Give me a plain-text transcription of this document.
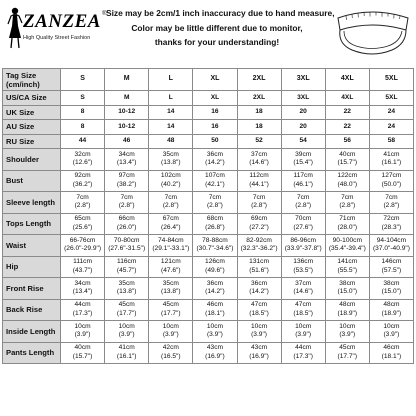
ZANZEA ®
High Quality Street Fashion
Size may be 2cm/1 inch inaccuracy due to hand measure,
Color may be little different due to monitor,
thanks for your understanding!
Tag Size
(cm/inch)	S	M	L	XL	2XL	3XL	4XL	5XL
US/CA Size	S	M	L	XL	2XL	3XL	4XL	5XL
UK Size	8	10-12	14	16	18	20	22	24
AU Size	8	10-12	14	16	18	20	22	24
RU Size	44	46	48	50	52	54	56	58
Shoulder	32cm
(12.6")	34cm
(13.4")	35cm
(13.8")	36cm
(14.2")	37cm
(14.6")	39cm
(15.4")	40cm
(15.7")	41cm
(16.1")

Bust	92cm
(36.2")	97cm
(38.2")	102cm
(40.2")	107cm
(42.1")	112cm
(44.1")	117cm
(46.1")	122cm
(48.0")	127cm
(50.0")

Sleeve length	7cm
(2.8")	7cm
(2.8")	7cm
(2.8")	7cm
(2.8")	7cm
(2.8")	7cm
(2.8")	7cm
(2.8")	7cm
(2.8")

Tops Length	65cm
(25.6")	66cm
(26.0")	67cm
(26.4")	68cm
(26.8")	69cm
(27.2")	70cm
(27.6")	71cm
(28.0")	72cm
(28.3")

Waist	66-76cm
(26.0"-29.9")	70-80cm
(27.6"-31.5")	74-84cm
(29.1"-33.1")	78-88cm
(30.7"-34.6")	82-92cm
(32.3"-36.2")	86-96cm
(33.9"-37.8")	90-100cm
(35.4"-39.4")	94-104cm
(37.0"-40.9")

Hip	111cm
(43.7")	116cm
(45.7")	121cm
(47.6")	126cm
(49.6")	131cm
(51.6")	136cm
(53.5")	141cm
(55.5")	146cm
(57.5")

Front Rise	34cm
(13.4")	35cm
(13.8")	35cm
(13.8")	36cm
(14.2")	36cm
(14.2")	37cm
(14.6")	38cm
(15.0")	38cm
(15.0")

Back Rise	44cm
(17.3")	45cm
(17.7")	45cm
(17.7")	46cm
(18.1")	47cm
(18.5")	47cm
(18.5")	48cm
(18.9")	48cm
(18.9")

Inside Length	10cm
(3.9")	10cm
(3.9")	10cm
(3.9")	10cm
(3.9")	10cm
(3.9")	10cm
(3.9")	10cm
(3.9")	10cm
(3.9")

Pants Length	40cm
(15.7")	41cm
(16.1")	42cm
(16.5")	43cm
(16.9")	43cm
(16.9")	44cm
(17.3")	45cm
(17.7")	46cm
(18.1")
